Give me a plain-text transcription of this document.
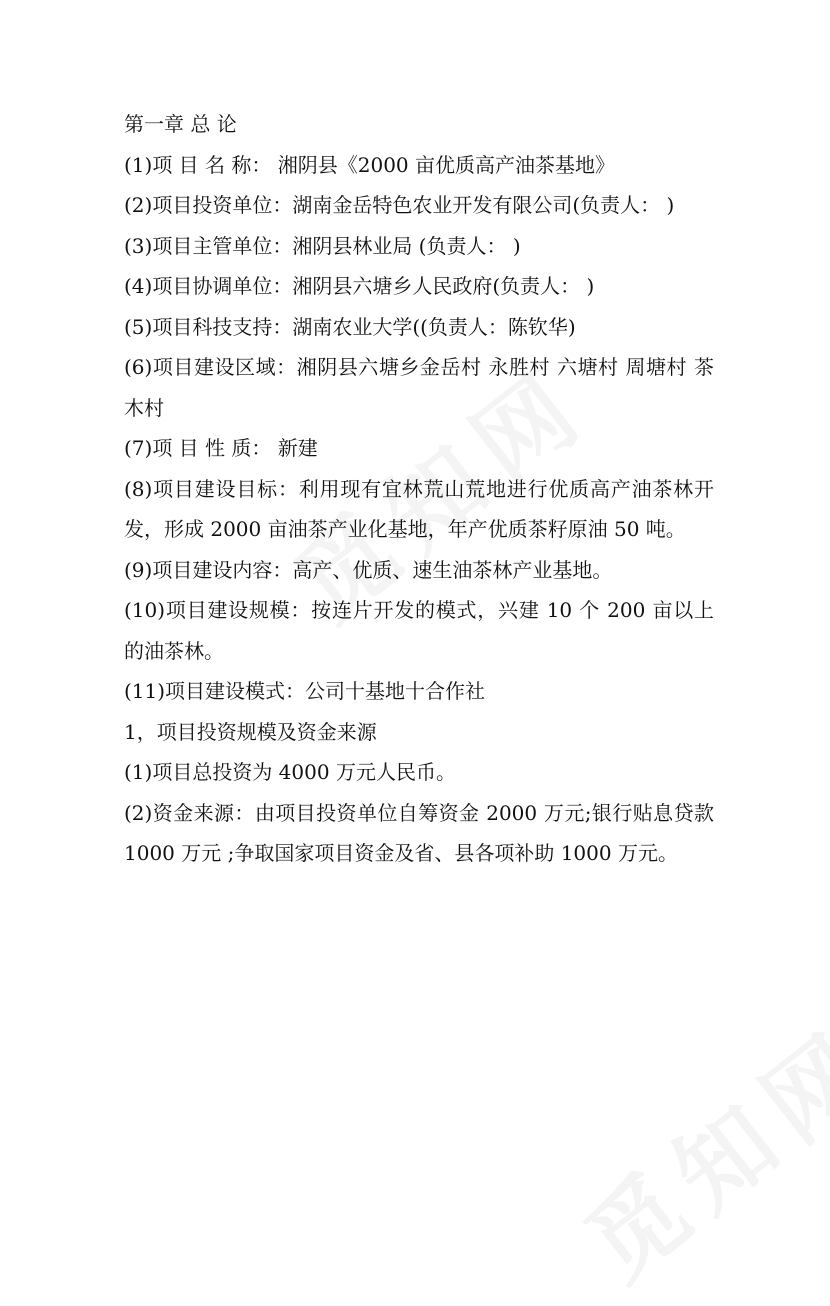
第一章 总 论

(1)项 目 名 称： 湘阴县《2000 亩优质高产油茶基地》

(2)项目投资单位：湖南金岳特色农业开发有限公司(负责人： )

(3)项目主管单位：湘阴县林业局 (负责人： )

(4)项目协调单位：湘阴县六塘乡人民政府(负责人： )

(5)项目科技支持：湖南农业大学((负责人：陈钦华)

(6)项目建设区域：湘阴县六塘乡金岳村 永胜村 六塘村 周塘村 茶木村

(7)项 目 性 质： 新建

(8)项目建设目标：利用现有宜林荒山荒地进行优质高产油茶林开发，形成 2000 亩油茶产业化基地，年产优质茶籽原油 50 吨。

(9)项目建设内容：高产、优质、速生油茶林产业基地。

(10)项目建设规模：按连片开发的模式，兴建 10 个 200 亩以上的油茶林。

(11)项目建设模式：公司十基地十合作社

1，项目投资规模及资金来源

(1)项目总投资为 4000 万元人民币。

(2)资金来源：由项目投资单位自筹资金 2000 万元;银行贴息贷款 1000 万元 ;争取国家项目资金及省、县各项补助 1000 万元。
